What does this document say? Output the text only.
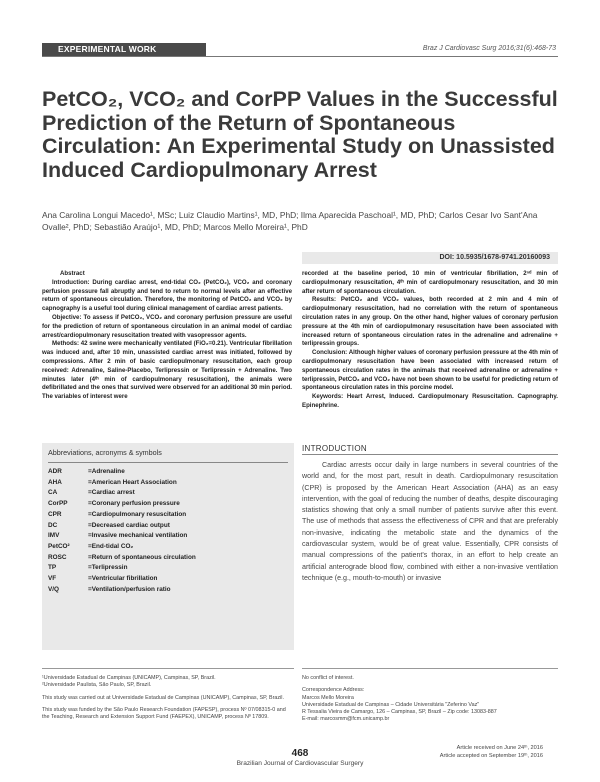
EXPERIMENTAL WORK	Braz J Cardiovasc Surg 2016;31(6):468-73
PetCO₂, VCO₂ and CorPP Values in the Successful Prediction of the Return of Spontaneous Circulation: An Experimental Study on Unassisted Induced Cardiopulmonary Arrest
Ana Carolina Longui Macedo¹, MSc; Luiz Claudio Martins¹, MD, PhD; Ilma Aparecida Paschoal¹, MD, PhD; Carlos Cesar Ivo Sant'Ana Ovalle², PhD; Sebastião Araújo¹, MD, PhD; Marcos Mello Moreira¹, PhD
DOI: 10.5935/1678-9741.20160093

Abstract

Introduction: During cardiac arrest, end-tidal CO₂ (PetCO₂), VCO₂ and coronary perfusion pressure fall abruptly and tend to return to normal levels after an effective return of spontaneous circulation. Therefore, the monitoring of PetCO₂ and VCO₂ by capnography is a useful tool during clinical management of cardiac arrest patients.

Objective: To assess if PetCO₂, VCO₂ and coronary perfusion pressure are useful for the prediction of return of spontaneous circulation in an animal model of cardiac arrest/cardiopulmonary resuscitation treated with vasopressor agents.

Methods: 42 swine were mechanically ventilated (FiO₂=0.21). Ventricular fibrillation was induced and, after 10 min, unassisted cardiac arrest was initiated, followed by compressions. After 2 min of basic cardiopulmonary resuscitation, each group received: Adrenaline, Saline-Placebo, Terlipressin or Terlipressin + Adrenaline. Two minutes later (4ᵗʰ min of cardiopulmonary resuscitation), the animals were defibrillated and the ones that survived were observed for an additional 30 min period. The variables of interest were

recorded at the baseline period, 10 min of ventricular fibrillation, 2ⁿᵈ min of cardiopulmonary resuscitation, 4ᵗʰ min of cardiopulmonary resuscitation, and 30 min after return of spontaneous circulation.

Results: PetCO₂ and VCO₂ values, both recorded at 2 min and 4 min of cardiopulmonary resuscitation, had no correlation with the return of spontaneous circulation rates in any group. On the other hand, higher values of coronary perfusion pressure at the 4th min of cardiopulmonary resuscitation have been associated with increased return of spontaneous circulation rates in the adrenaline and adrenaline + terlipressin groups.

Conclusion: Although higher values of coronary perfusion pressure at the 4th min of cardiopulmonary resuscitation have been associated with increased return of spontaneous circulation rates in the animals that received adrenaline or adrenaline + terlipressin, PetCO₂ and VCO₂ have not been shown to be useful for predicting return of spontaneous circulation rates in this porcine model.

Keywords: Heart Arrest, Induced. Cardiopulmonary Resuscitation. Capnography. Epinephrine.

Abbreviations, acronyms & symbols
ADR	=Adrenaline
AHA	=American Heart Association
CA	=Cardiac arrest
CorPP	=Coronary perfusion pressure
CPR	=Cardiopulmonary resuscitation
DC	=Decreased cardiac output
IMV	=Invasive mechanical ventilation
PetCO²	=End-tidal CO₂
ROSC	=Return of spontaneous circulation
TP	=Terlipressin
VF	=Ventricular fibrillation
V/Q	=Ventilation/perfusion ratio
INTRODUCTION

Cardiac arrests occur daily in large numbers in several countries of the world and, for the most part, result in death. Cardiopulmonary resuscitation (CPR) is proposed by the American Heart Association (AHA) as an easy intervention, with the goal of reducing the number of deaths, despite discouraging statistics showing that only a small number of patients survive after this event. The use of methods that assess the effectiveness of CPR and that are preferably non-invasive, indicating the metabolic state and the dynamics of the cardiovascular system, would be of great value. Essentially, CPR consists of manual compressions of the patient's thorax, in an effort to help create an artificial anterograde blood flow, combined with either a non-invasive ventilation technique (e.g., mouth-to-mouth) or invasive

¹Universidade Estadual de Campinas (UNICAMP), Campinas, SP, Brazil.
²Universidade Paulista, São Paulo, SP, Brazil.
This study was carried out at Universidade Estadual de Campinas (UNICAMP), Campinas, SP, Brazil.
This study was funded by the São Paulo Research Foundation (FAPESP), process Nº 07/08315-0 and the Teaching, Research and Extension Support Fund (FAEPEX), UNICAMP, process Nº 17809.
No conflict of interest.
Correspondence Address:
Marcos Mello Moreira
Universidade Estadual de Campinas – Cidade Universitária "Zeferino Vaz"
R Tessalia Vieira de Camargo, 126 – Campinas, SP, Brazil – Zip code: 13083-887
E-mail: marcosmm@fcm.unicamp.br
Article received on June 24ᵗʰ, 2016
Article accepted on September 19ᵗʰ, 2016
468
Brazilian Journal of Cardiovascular Surgery
